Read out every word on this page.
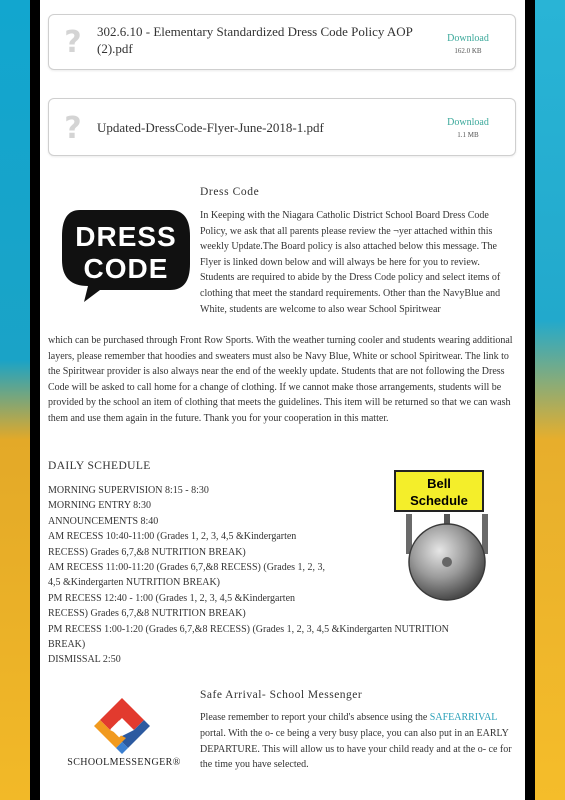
?	302.6.10 - Elementary Standardized Dress Code Policy AOP (2).pdf
Download
162.0 KB
?	Updated-DressCode-Flyer-June-2018-1.pdf	Download
1.1 MB
DRESS
CODE
Dress Code
In Keeping with the Niagara Catholic District School Board Dress Code Policy, we ask that all parents please review the ¬yer attached within this weekly Update.The Board policy is also attached below this message. The Flyer is linked down below and will always be here for you to review. Students are required to abide by the Dress Code policy and select items of clothing that meet the standard requirements. Other than the NavyBlue and White, students are welcome to also wear School Spiritwear
which can be purchased through Front Row Sports. With the weather turning cooler and students wearing additional layers, please remember that hoodies and sweaters must also be Navy Blue, White or school Spiritwear. The link to the Spiritwear provider is also always near the end of the weekly update. Students that are not following the Dress Code will be asked to call home for a change of clothing. If we cannot make those arrangements, students will be provided by the school an item of clothing that meets the guidelines. This item will be returned so that we can wash them and use them again in the future. Thank you for your cooperation in this matter.
DAILY SCHEDULE
MORNING SUPERVISION 8:15 - 8:30
MORNING ENTRY 8:30
ANNOUNCEMENTS 8:40
AM RECESS 10:40-11:00 (Grades 1, 2, 3, 4,5 &Kindergarten
RECESS) Grades 6,7,&8 NUTRITION BREAK)
AM RECESS 11:00-11:20 (Grades 6,7,&8 RECESS) (Grades 1, 2, 3,
4,5 &Kindergarten NUTRITION BREAK)
PM RECESS 12:40 - 1:00 (Grades 1, 2, 3, 4,5 &Kindergarten
RECESS) Grades 6,7,&8 NUTRITION BREAK)
PM RECESS 1:00-1:20 (Grades 6,7,&8 RECESS) (Grades 1, 2, 3, 4,5 &Kindergarten NUTRITION
BREAK)
DISMISSAL 2:50
Bell
Schedule
SCHOOLMESSENGER®
Safe Arrival- School Messenger
Please remember to report your child's absence using the SAFEARRIVAL portal. With the o- ce being a very busy place, you can also put in an EARLY DEPARTURE. This will allow us to have your child ready and at the o- ce for the time you have selected.
